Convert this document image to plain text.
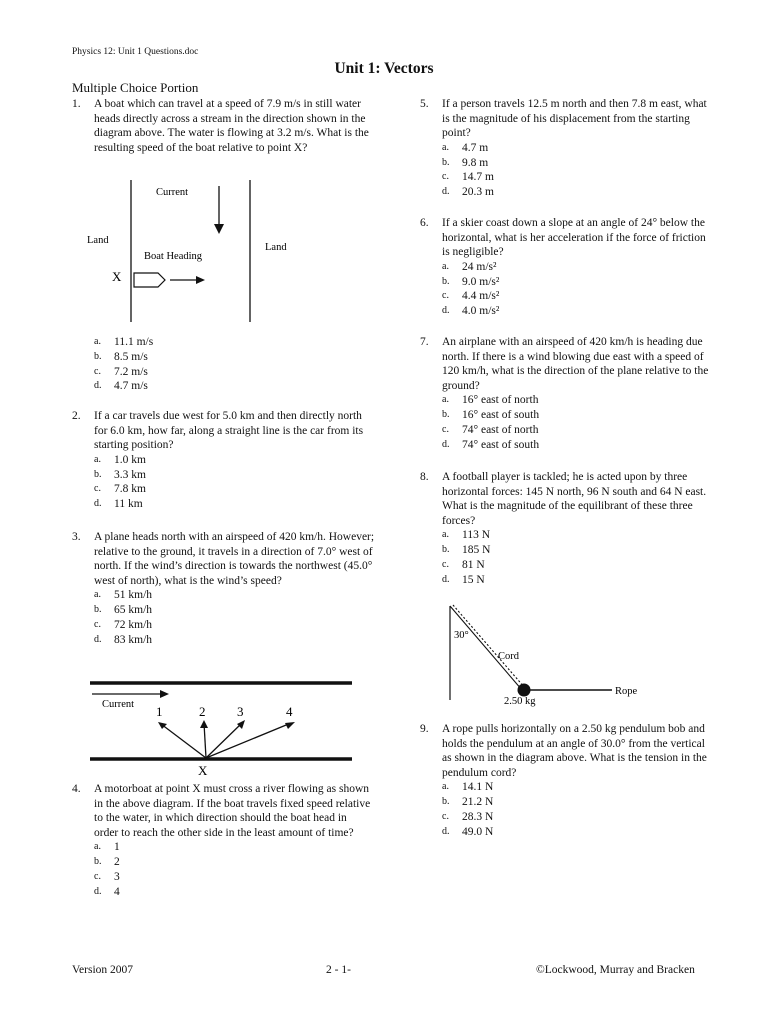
Physics 12: Unit 1 Questions.doc
Unit 1: Vectors
Multiple Choice Portion
1. A boat which can travel at a speed of 7.9 m/s in still water heads directly across a stream in the direction shown in the diagram above. The water is flowing at 3.2 m/s. What is the resulting speed of the boat relative to point X?
Current
Land
Land
Boat Heading
X
a.	11.1 m/s
b.	8.5 m/s
c.	7.2 m/s
d.	4.7 m/s
2. If a car travels due west for 5.0 km and then directly north for 6.0 km, how far, along a straight line is the car from its starting position?
a.	1.0 km
b.	3.3 km
c.	7.8 km
d.	11 km
3. A plane heads north with an airspeed of 420 km/h. However; relative to the ground, it travels in a direction of 7.0° west of north. If the wind’s direction is towards the northwest (45.0° west of north), what is the wind’s speed?
a.	51 km/h
b.	65 km/h
c.	72 km/h
d.	83 km/h
Current 1	2 3	4
X
4. A motorboat at point X must cross a river flowing as shown in the above diagram. If the boat travels fixed speed relative to the water, in which direction should the boat head in order to reach the other side in the least amount of time?
a.	1
b.	2
c.	3
d.	4
5. If a person travels 12.5 m north and then 7.8 m east, what is the magnitude of his displacement from the starting point?
a.	4.7 m
b.	9.8 m
c.	14.7 m
d.	20.3 m
6. If a skier coast down a slope at an angle of 24° below the horizontal, what is her acceleration if the force of friction is negligible?
a.	24 m/s²
b.	9.0 m/s²
c.	4.4 m/s²
d.	4.0 m/s²
7. An airplane with an airspeed of 420 km/h is heading due north. If there is a wind blowing due east with a speed of 120 km/h, what is the direction of the plane relative to the ground?
a.	16° east of north
b.	16° east of south
c.	74° east of north
d.	74° east of south
8. A football player is tackled; he is acted upon by three horizontal forces: 145 N north, 96 N south and 64 N east. What is the magnitude of the equilibrant of these three forces?
a.	113 N
b.	185 N
c.	81 N
d.	15 N
30°
Cord
Rope
2.50 kg
9. A rope pulls horizontally on a 2.50 kg pendulum bob and holds the pendulum at an angle of 30.0° from the vertical as shown in the diagram above. What is the tension in the pendulum cord?
a.	14.1 N
b.	21.2 N
c.	28.3 N
d.	49.0 N
Version 2007	2 - 1-	©Lockwood, Murray and Bracken
